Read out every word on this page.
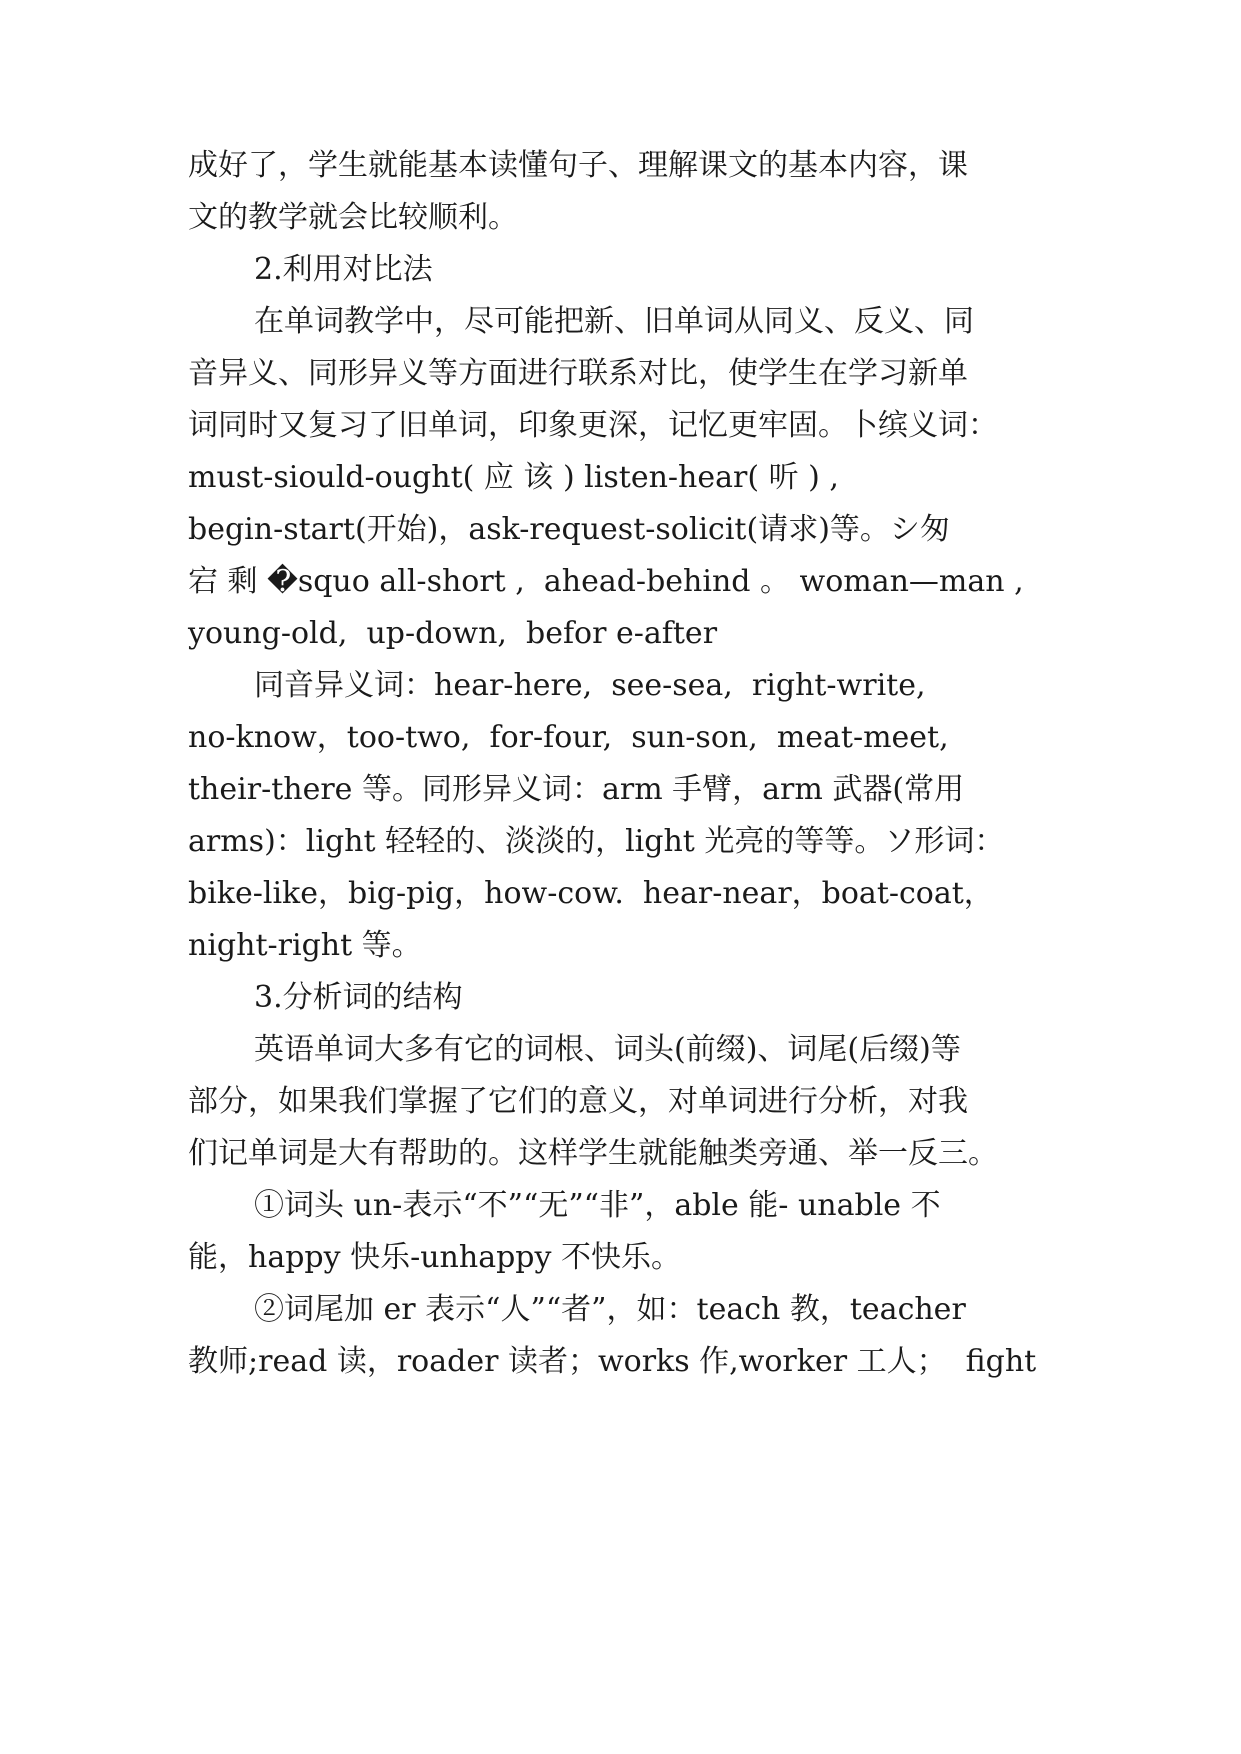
成好了，学生就能基本读懂句子、理解课文的基本内容，课
文的教学就会比较顺利。
2.利用对比法
在单词教学中，尽可能把新、旧单词从同义、反义、同
音异义、同形异义等方面进行联系对比，使学生在学习新单
词同时又复习了旧单词，印象更深，记忆更牢固。卜缤义词：
must-siould-ought( 应 该 ) listen-hear( 听 ) ,
begin-start(开始)，ask-request-solicit(请求)等。シ匆
宕 剩 �squo all-short ,  ahead-behind 。 woman—man ,
young-old,  up-down,  befor e-after
同音异义词：hear-here,  see-sea,  right-write,
no-know，too-two,  for-four,  sun-son,  meat-meet,
their-there 等。同形异义词：arm 手臂，arm 武器(常用
arms)：light 轻轻的、淡淡的，light 光亮的等等。ソ形词：
bike-like，big-pig，how-cow.  hear-near，boat-coat，
night-right 等。
3.分析词的结构
英语单词大多有它的词根、词头(前缀)、词尾(后缀)等
部分，如果我们掌握了它们的意义，对单词进行分析，对我
们记单词是大有帮助的。这样学生就能触类旁通、举一反三。
①词头 un-表示“不”“无”“非”，able 能- unable 不
能，happy 快乐-unhappy 不快乐。
②词尾加 er 表示“人”“者”，如：teach 教，teacher
教师;read 读，roader 读者；works 作,worker 工人；  fight
